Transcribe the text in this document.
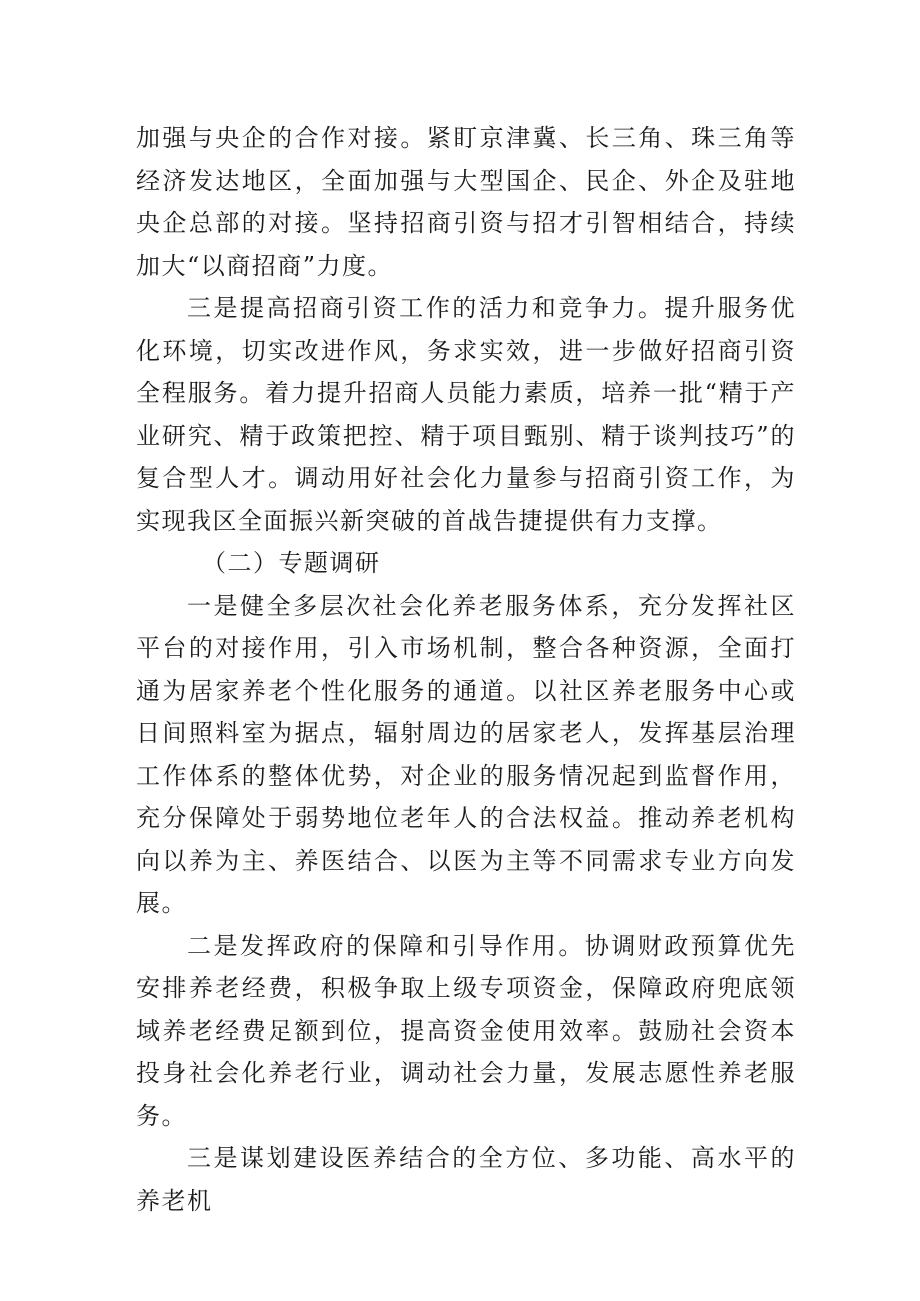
加强与央企的合作对接。紧盯京津冀、长三角、珠三角等经济发达地区，全面加强与大型国企、民企、外企及驻地央企总部的对接。坚持招商引资与招才引智相结合，持续加大“以商招商”力度。

三是提高招商引资工作的活力和竞争力。提升服务优化环境，切实改进作风，务求实效，进一步做好招商引资全程服务。着力提升招商人员能力素质，培养一批“精于产业研究、精于政策把控、精于项目甄别、精于谈判技巧”的复合型人才。调动用好社会化力量参与招商引资工作，为实现我区全面振兴新突破的首战告捷提供有力支撑。

（二）专题调研

一是健全多层次社会化养老服务体系，充分发挥社区平台的对接作用，引入市场机制，整合各种资源，全面打通为居家养老个性化服务的通道。以社区养老服务中心或日间照料室为据点，辐射周边的居家老人，发挥基层治理工作体系的整体优势，对企业的服务情况起到监督作用，充分保障处于弱势地位老年人的合法权益。推动养老机构向以养为主、养医结合、以医为主等不同需求专业方向发展。

二是发挥政府的保障和引导作用。协调财政预算优先安排养老经费，积极争取上级专项资金，保障政府兜底领域养老经费足额到位，提高资金使用效率。鼓励社会资本投身社会化养老行业，调动社会力量，发展志愿性养老服务。

三是谋划建设医养结合的全方位、多功能、高水平的养老机
